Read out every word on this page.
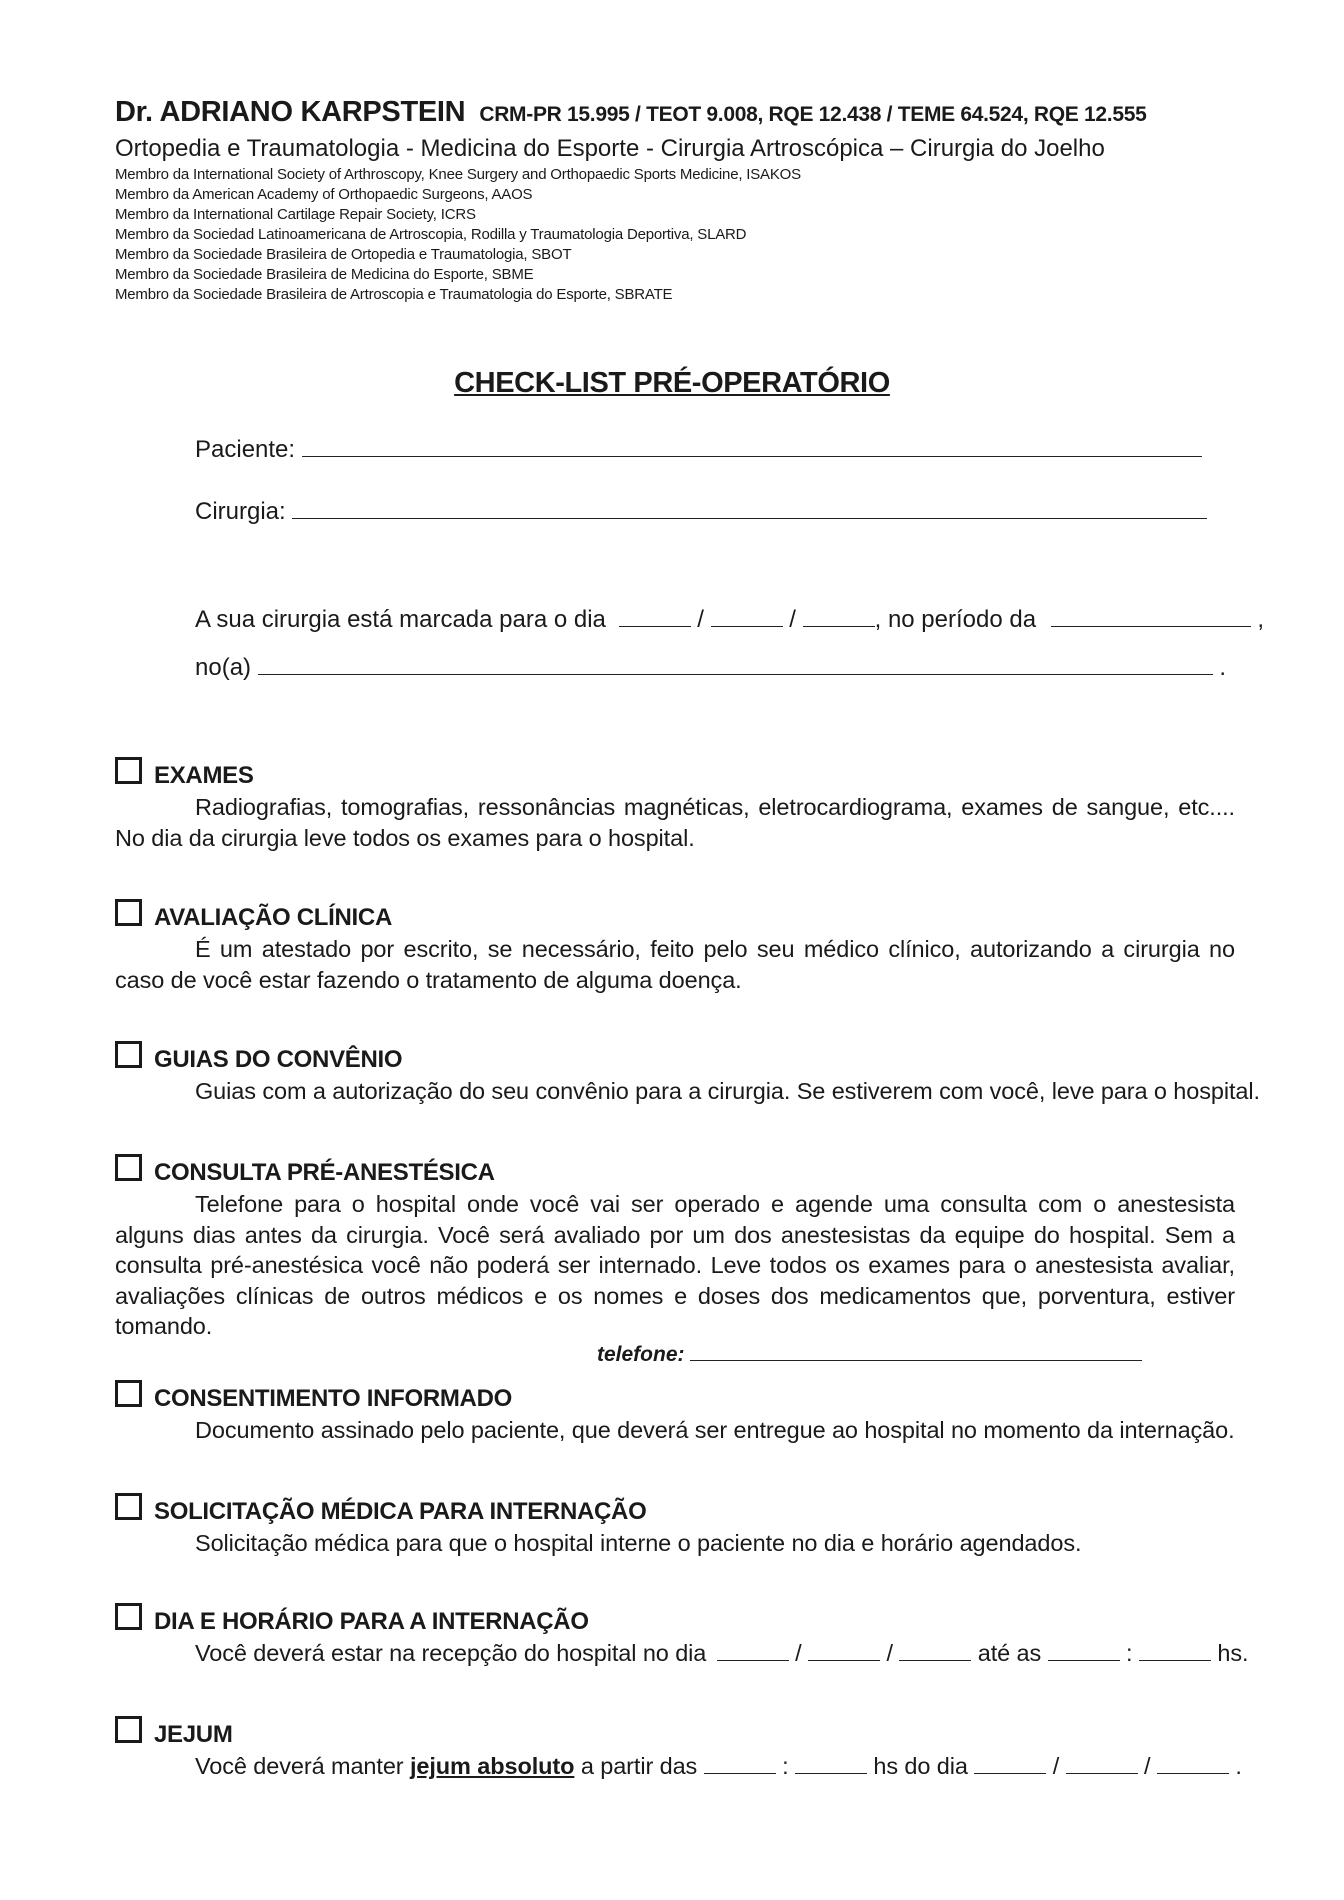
Dr. ADRIANO KARPSTEIN CRM-PR 15.995 / TEOT 9.008, RQE 12.438 / TEME 64.524, RQE 12.555
Ortopedia e Traumatologia - Medicina do Esporte - Cirurgia Artroscópica – Cirurgia do Joelho
Membro da International Society of Arthroscopy, Knee Surgery and Orthopaedic Sports Medicine, ISAKOS
Membro da American Academy of Orthopaedic Surgeons, AAOS
Membro da International Cartilage Repair Society, ICRS
Membro da Sociedad Latinoamericana de Artroscopia, Rodilla y Traumatologia Deportiva, SLARD
Membro da Sociedade Brasileira de Ortopedia e Traumatologia, SBOT
Membro da Sociedade Brasileira de Medicina do Esporte, SBME
Membro da Sociedade Brasileira de Artroscopia e Traumatologia do Esporte, SBRATE
CHECK-LIST PRÉ-OPERATÓRIO
Paciente:
Cirurgia:
A sua cirurgia está marcada para o dia	/	/	, no período da	,
no(a)	.
EXAMES
Radiografias, tomografias, ressonâncias magnéticas, eletrocardiograma, exames de sangue, etc.... No dia da cirurgia leve todos os exames para o hospital.
AVALIAÇÃO CLÍNICA
É um atestado por escrito, se necessário, feito pelo seu médico clínico, autorizando a cirurgia no caso de você estar fazendo o tratamento de alguma doença.
GUIAS DO CONVÊNIO
Guias com a autorização do seu convênio para a cirurgia. Se estiverem com você, leve para o hospital.
CONSULTA PRÉ-ANESTÉSICA
Telefone para o hospital onde você vai ser operado e agende uma consulta com o anestesista alguns dias antes da cirurgia. Você será avaliado por um dos anestesistas da equipe do hospital. Sem a consulta pré-anestésica você não poderá ser internado. Leve todos os exames para o anestesista avaliar, avaliações clínicas de outros médicos e os nomes e doses dos medicamentos que, porventura, estiver tomando.
telefone:
CONSENTIMENTO INFORMADO
Documento assinado pelo paciente, que deverá ser entregue ao hospital no momento da internação.
SOLICITAÇÃO MÉDICA PARA INTERNAÇÃO
Solicitação médica para que o hospital interne o paciente no dia e horário agendados.
DIA E HORÁRIO PARA A INTERNAÇÃO
Você deverá estar na recepção do hospital no dia	/	/	até as	:	hs.
JEJUM
Você deverá manter jejum absoluto a partir das	:	hs do dia	/	/	.
